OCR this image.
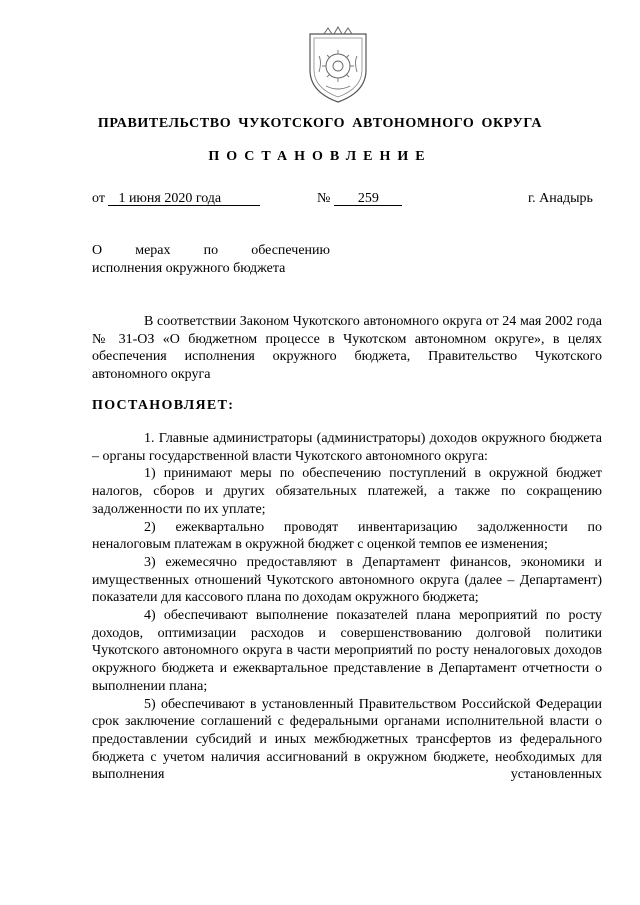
ПРАВИТЕЛЬСТВО ЧУКОТСКОГО АВТОНОМНОГО ОКРУГА
ПОСТАНОВЛЕНИЕ
от 1 июня 2020 года	№ 259	г. Анадырь
О мерах по обеспечению
исполнения окружного бюджета

В соответствии Законом Чукотского автономного округа от 24 мая 2002 года № 31-ОЗ «О бюджетном процессе в Чукотском автономном округе», в целях обеспечения исполнения окружного бюджета, Правительство Чукотского автономного округа

ПОСТАНОВЛЯЕТ:

1. Главные администраторы (администраторы) доходов окружного бюджета – органы государственной власти Чукотского автономного округа:

1) принимают меры по обеспечению поступлений в окружной бюджет налогов, сборов и других обязательных платежей, а также по сокращению задолженности по их уплате;

2) ежеквартально проводят инвентаризацию задолженности по неналоговым платежам в окружной бюджет с оценкой темпов ее изменения;

3) ежемесячно предоставляют в Департамент финансов, экономики и имущественных отношений Чукотского автономного округа (далее – Департамент) показатели для кассового плана по доходам окружного бюджета;

4) обеспечивают выполнение показателей плана мероприятий по росту доходов, оптимизации расходов и совершенствованию долговой политики Чукотского автономного округа в части мероприятий по росту неналоговых доходов окружного бюджета и ежеквартальное представление в Департамент отчетности о выполнении плана;

5) обеспечивают в установленный Правительством Российской Федерации срок заключение соглашений с федеральными органами исполнительной власти о предоставлении субсидий и иных межбюджетных трансфертов из федерального бюджета с учетом наличия ассигнований в окружном бюджете, необходимых для выполнения установленных
